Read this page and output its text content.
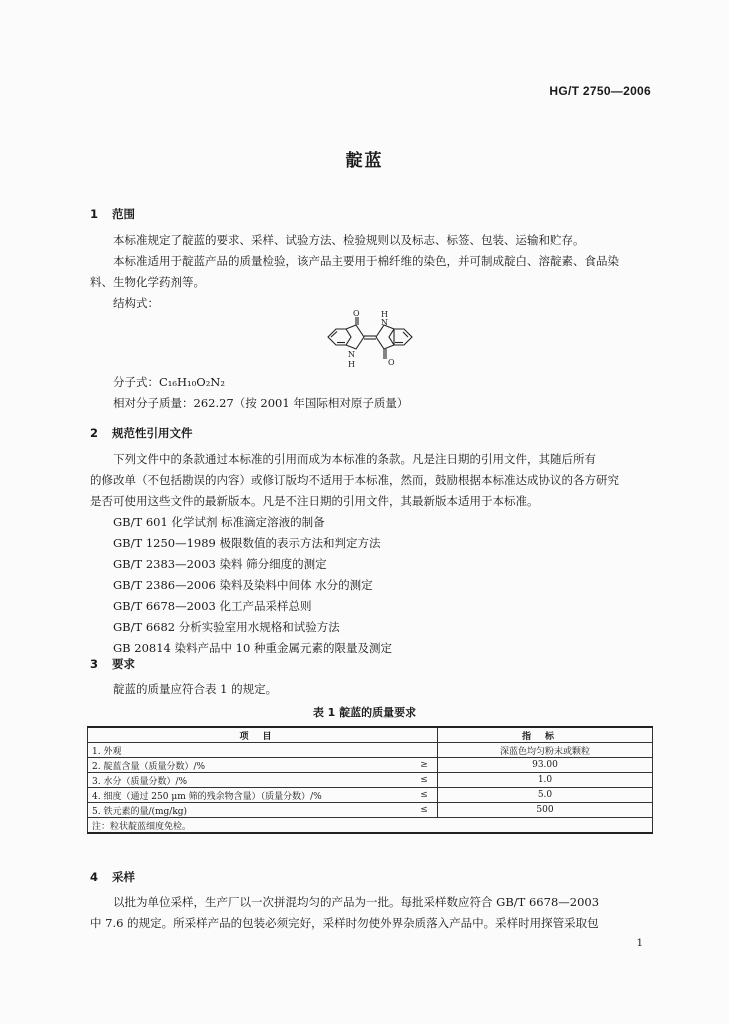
HG/T 2750—2006
靛蓝
1 范围
本标准规定了靛蓝的要求、采样、试验方法、检验规则以及标志、标签、包装、运输和贮存。
本标准适用于靛蓝产品的质量检验，该产品主要用于棉纤维的染色，并可制成靛白、溶靛素、食品染
料、生物化学药剂等。
结构式：
O	H
N
N
H	O
分子式：C₁₆H₁₀O₂N₂
相对分子质量：262.27（按 2001 年国际相对原子质量）
2 规范性引用文件
下列文件中的条款通过本标准的引用而成为本标准的条款。凡是注日期的引用文件，其随后所有
的修改单（不包括勘误的内容）或修订版均不适用于本标准，然而，鼓励根据本标准达成协议的各方研究
是否可使用这些文件的最新版本。凡是不注日期的引用文件，其最新版本适用于本标准。
GB/T 601 化学试剂 标准滴定溶液的制备
GB/T 1250—1989 极限数值的表示方法和判定方法
GB/T 2383—2003 染料 筛分细度的测定
GB/T 2386—2006 染料及染料中间体 水分的测定
GB/T 6678—2003 化工产品采样总则
GB/T 6682 分析实验室用水规格和试验方法
GB 20814 染料产品中 10 种重金属元素的限量及测定
3 要求
靛蓝的质量应符合表 1 的规定。
表 1 靛蓝的质量要求
项目		指标
1. 外观		深蓝色均匀粉末或颗粒
2. 靛蓝含量（质量分数）/%	≥	93.00
3. 水分（质量分数）/%	≤	1.0
4. 细度（通过 250 μm 筛的残余物含量）（质量分数）/%	≤	5.0
5. 铁元素的量/(mg/kg)	≤	500
注：粒状靛蓝细度免检。		
4 采样
以批为单位采样，生产厂以一次拼混均匀的产品为一批。每批采样数应符合 GB/T 6678—2003
中 7.6 的规定。所采样产品的包装必须完好，采样时勿使外界杂质落入产品中。采样时用探管采取包
1
